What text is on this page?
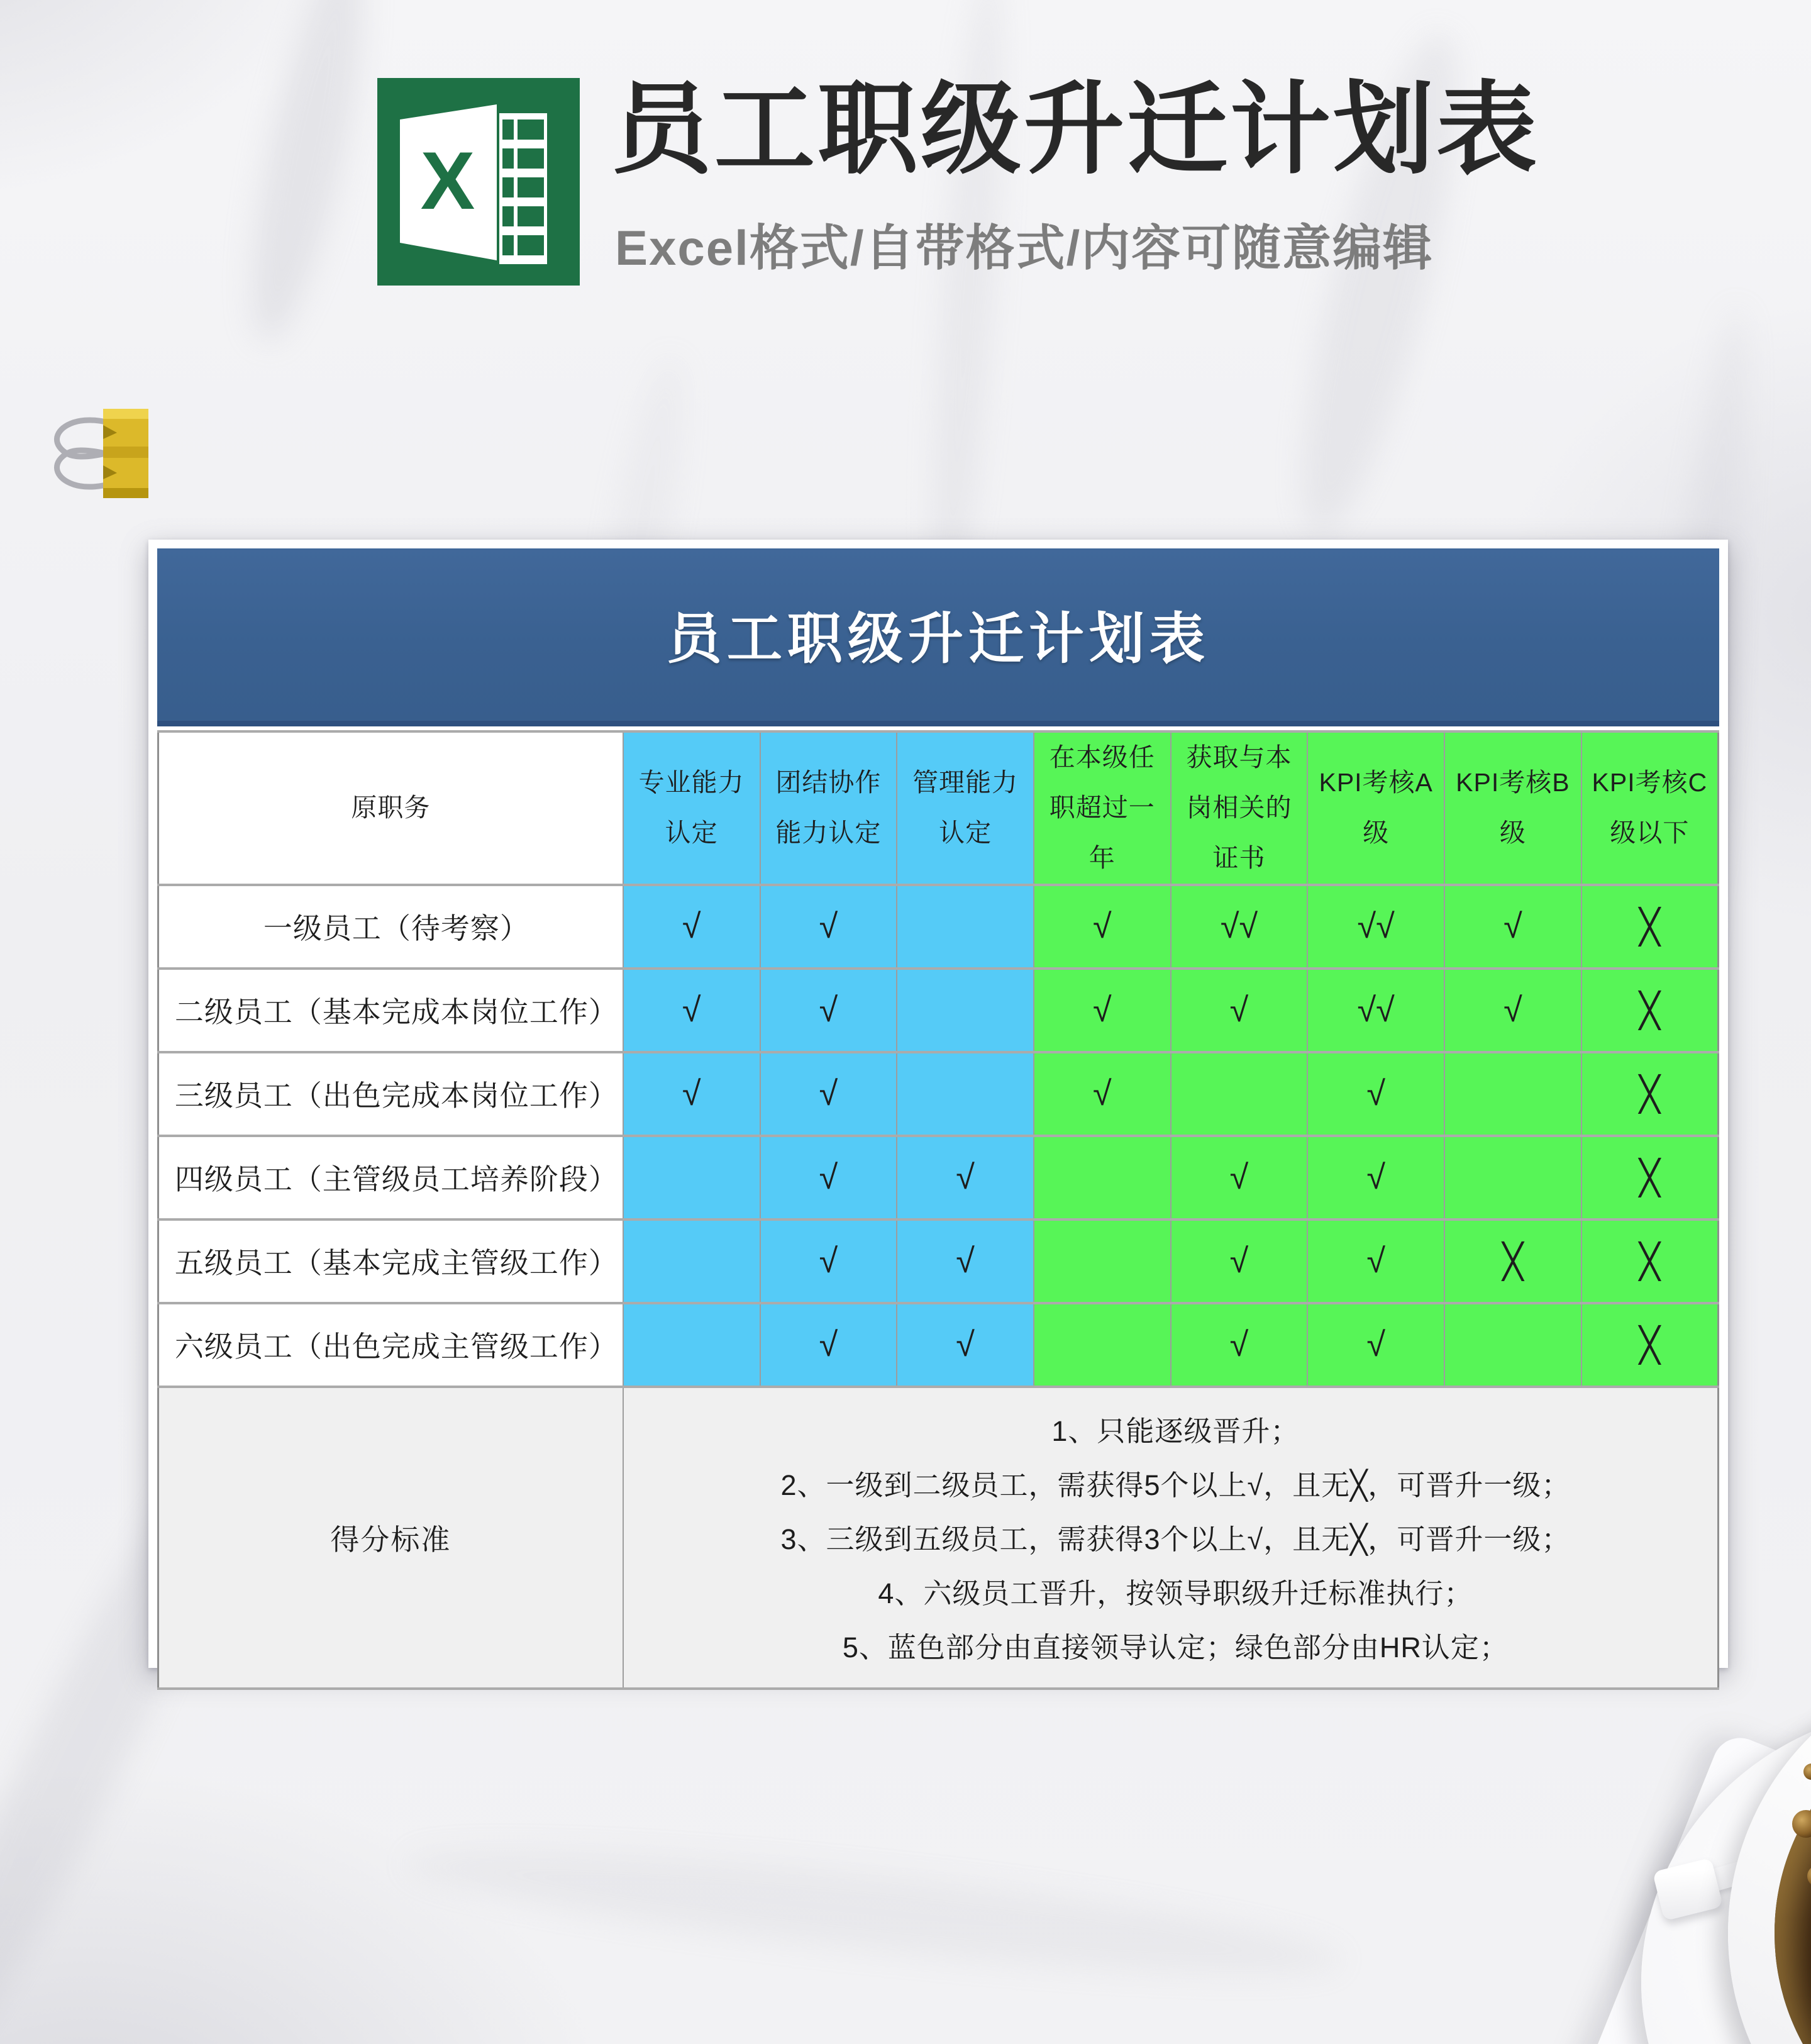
X 员工职级升迁计划表
Excel格式/自带格式/内容可随意编辑
员工职级升迁计划表
原职务	专业能力认定	团结协作能力认定	管理能力认定	在本级任职超过一年	获取与本岗相关的证书	KPI考核A级	KPI考核B级	KPI考核C级以下
一级员工（待考察）	√	√		√	√√	√√	√	╳
二级员工（基本完成本岗位工作）	√	√		√	√	√√	√	╳
三级员工（出色完成本岗位工作）	√	√		√		√		╳
四级员工（主管级员工培养阶段）		√	√		√	√		╳
五级员工（基本完成主管级工作）		√	√		√	√	╳	╳
六级员工（出色完成主管级工作）		√	√		√	√		╳
得分标准	1、只能逐级晋升；
2、一级到二级员工，需获得5个以上√，且无╳，可晋升一级；
3、三级到五级员工，需获得3个以上√，且无╳，可晋升一级；
4、六级员工晋升，按领导职级升迁标准执行；
5、蓝色部分由直接领导认定；绿色部分由HR认定；							
